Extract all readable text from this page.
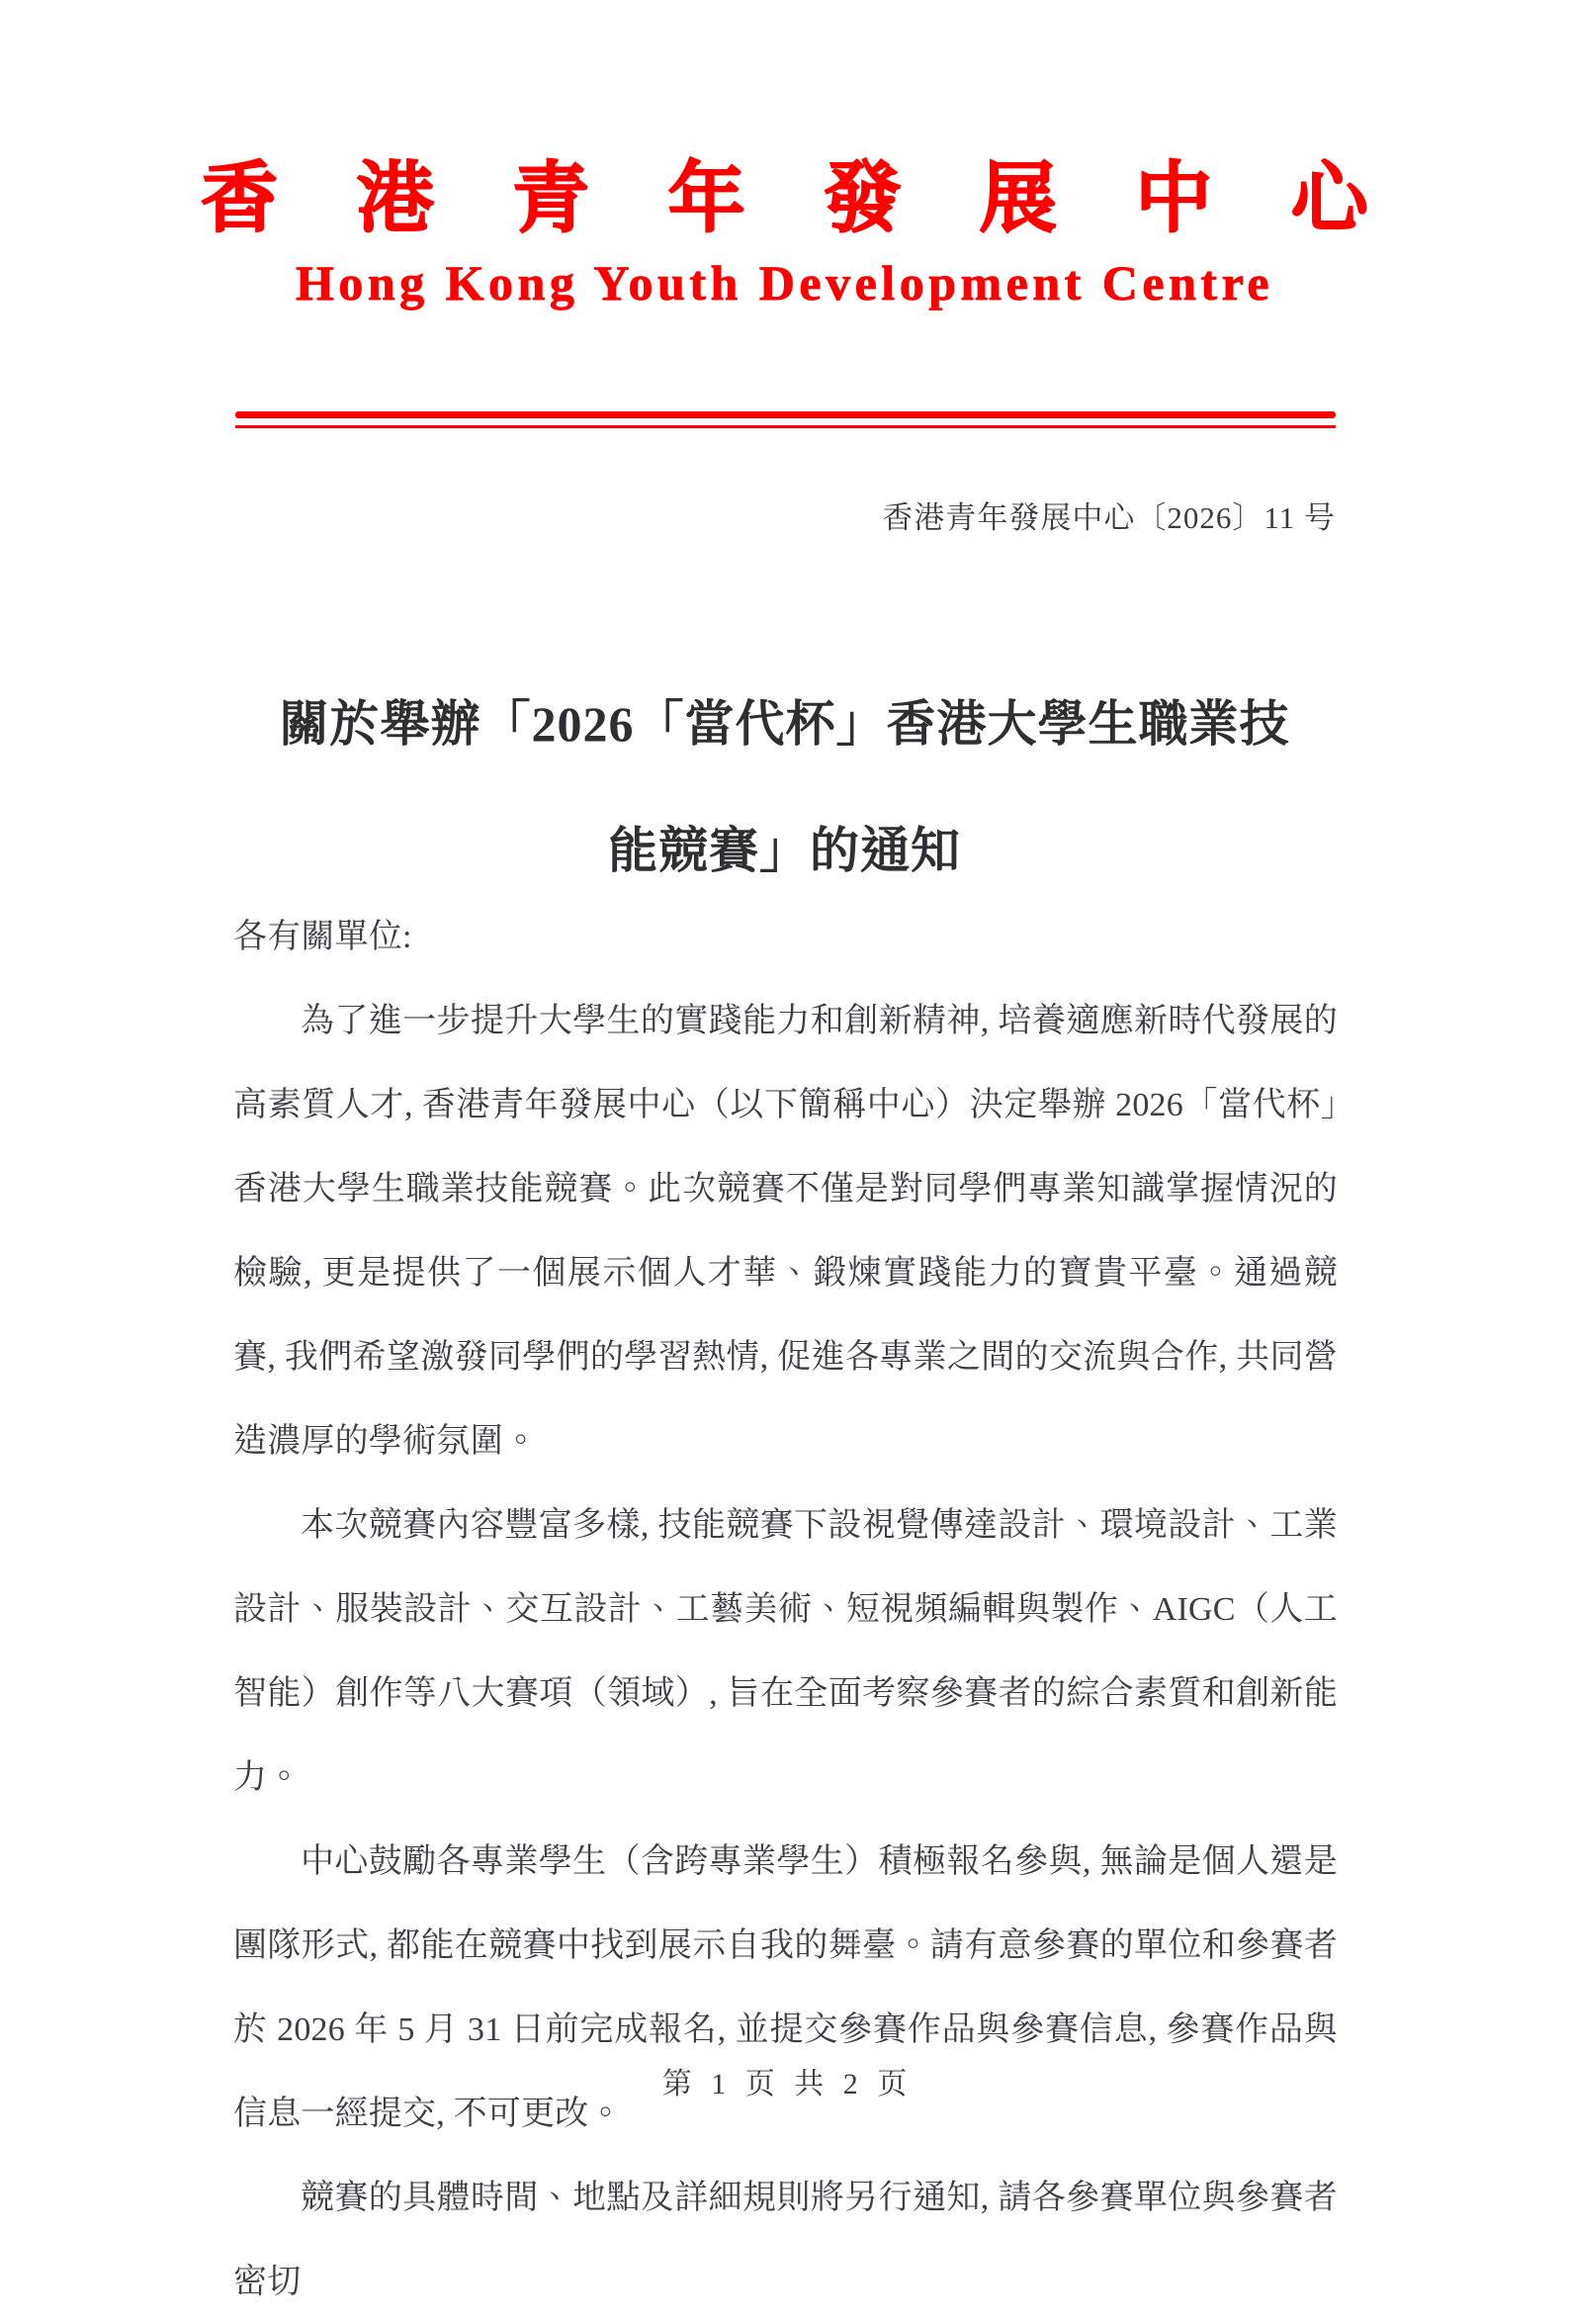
香 港 青 年 發 展 中 心
Hong Kong Youth Development Centre
香港青年發展中心〔2026〕11 号
關於舉辦「2026「當代杯」香港大學生職業技
能競賽」的通知
各有關單位:
為了進一步提升大學生的實踐能力和創新精神, 培養適應新時代發展的高素質人才, 香港青年發展中心（以下簡稱中心）決定舉辦 2026「當代杯」香港大學生職業技能競賽。此次競賽不僅是對同學們專業知識掌握情況的檢驗, 更是提供了一個展示個人才華、鍛煉實踐能力的寶貴平臺。通過競賽, 我們希望激發同學們的學習熱情, 促進各專業之間的交流與合作, 共同營造濃厚的學術氛圍。
本次競賽內容豐富多樣, 技能競賽下設視覺傳達設計、環境設計、工業設計、服裝設計、交互設計、工藝美術、短視頻編輯與製作、AIGC（人工智能）創作等八大賽項（領域）, 旨在全面考察參賽者的綜合素質和創新能力。
中心鼓勵各專業學生（含跨專業學生）積極報名參與, 無論是個人還是團隊形式, 都能在競賽中找到展示自我的舞臺。請有意參賽的單位和參賽者於 2026 年 5 月 31 日前完成報名, 並提交參賽作品與參賽信息, 參賽作品與信息一經提交, 不可更改。
競賽的具體時間、地點及詳細規則將另行通知, 請各參賽單位與參賽者密切
第 1 页 共 2 页
